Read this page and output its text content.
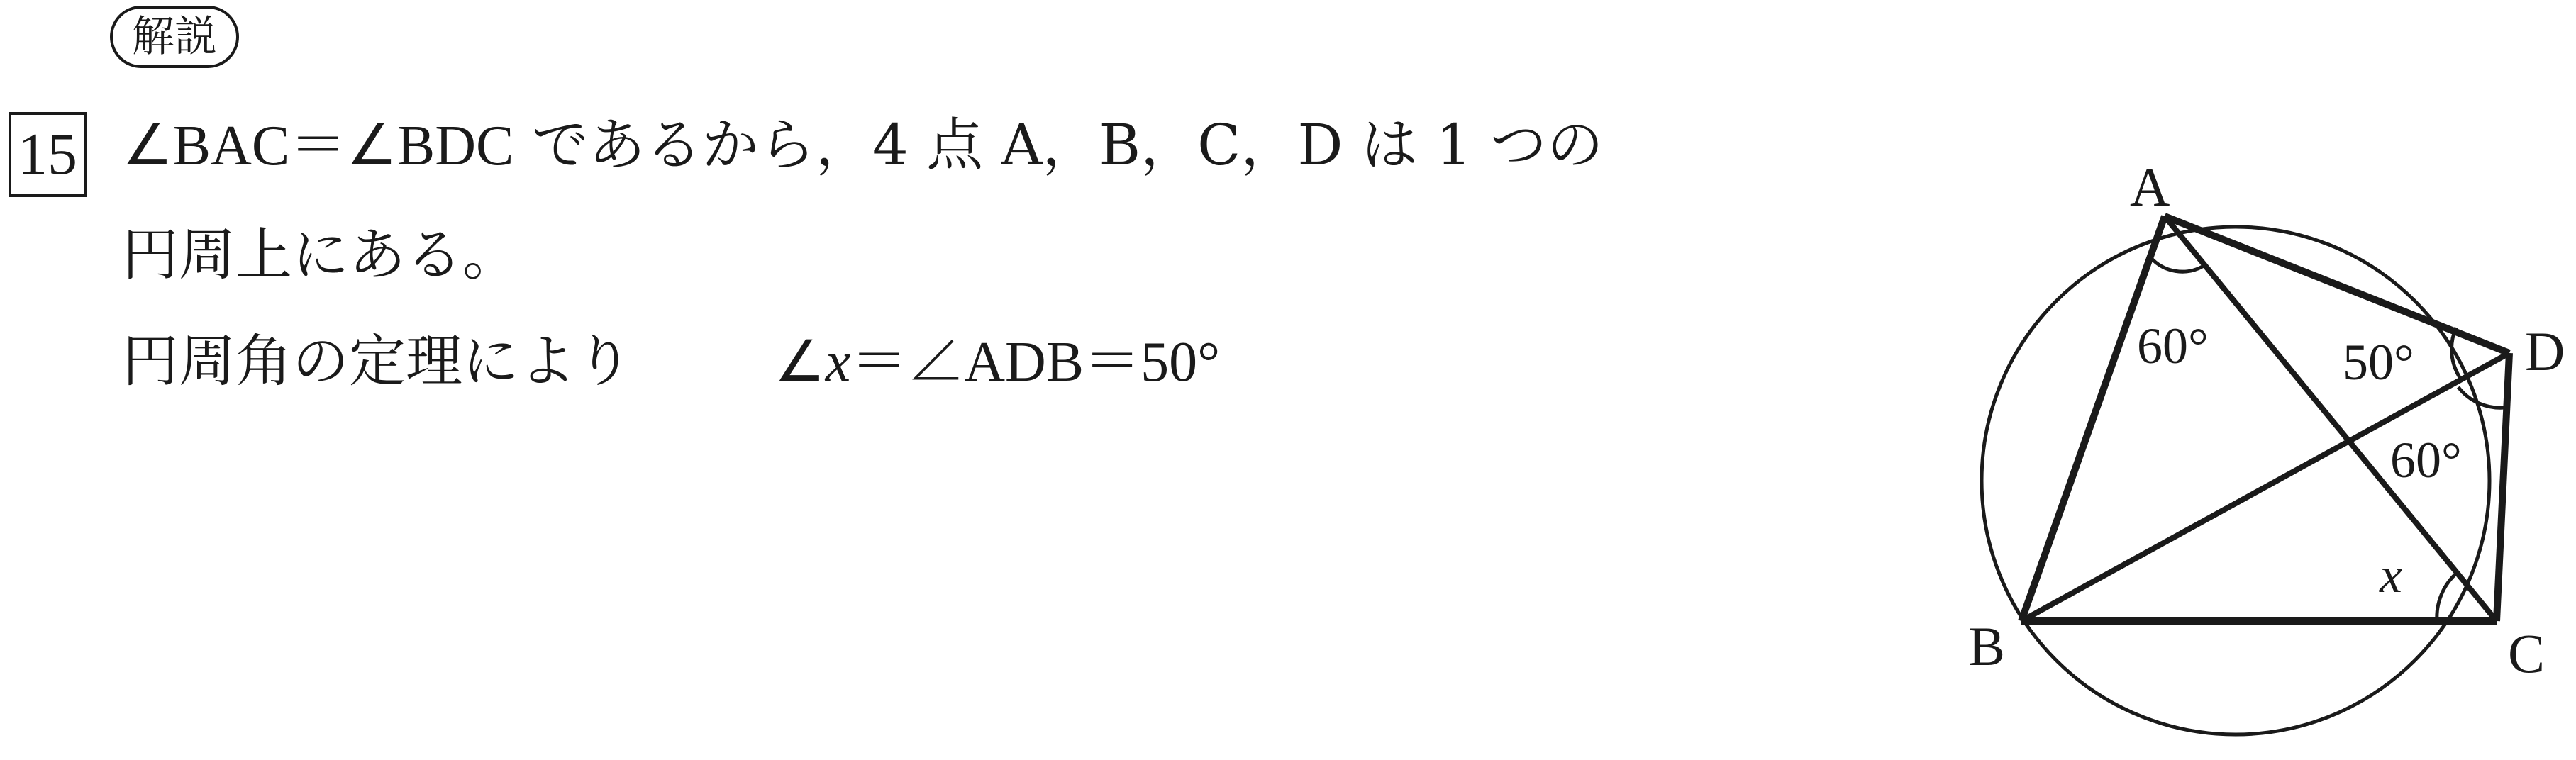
解説
15 ∠BAC＝∠BDC であるから，4 点 A，B，C，D は 1 つの
円周上にある。
円周角の定理により	∠x＝∠ADB＝50°
A
B	C
D
60°	50°
60°
x
